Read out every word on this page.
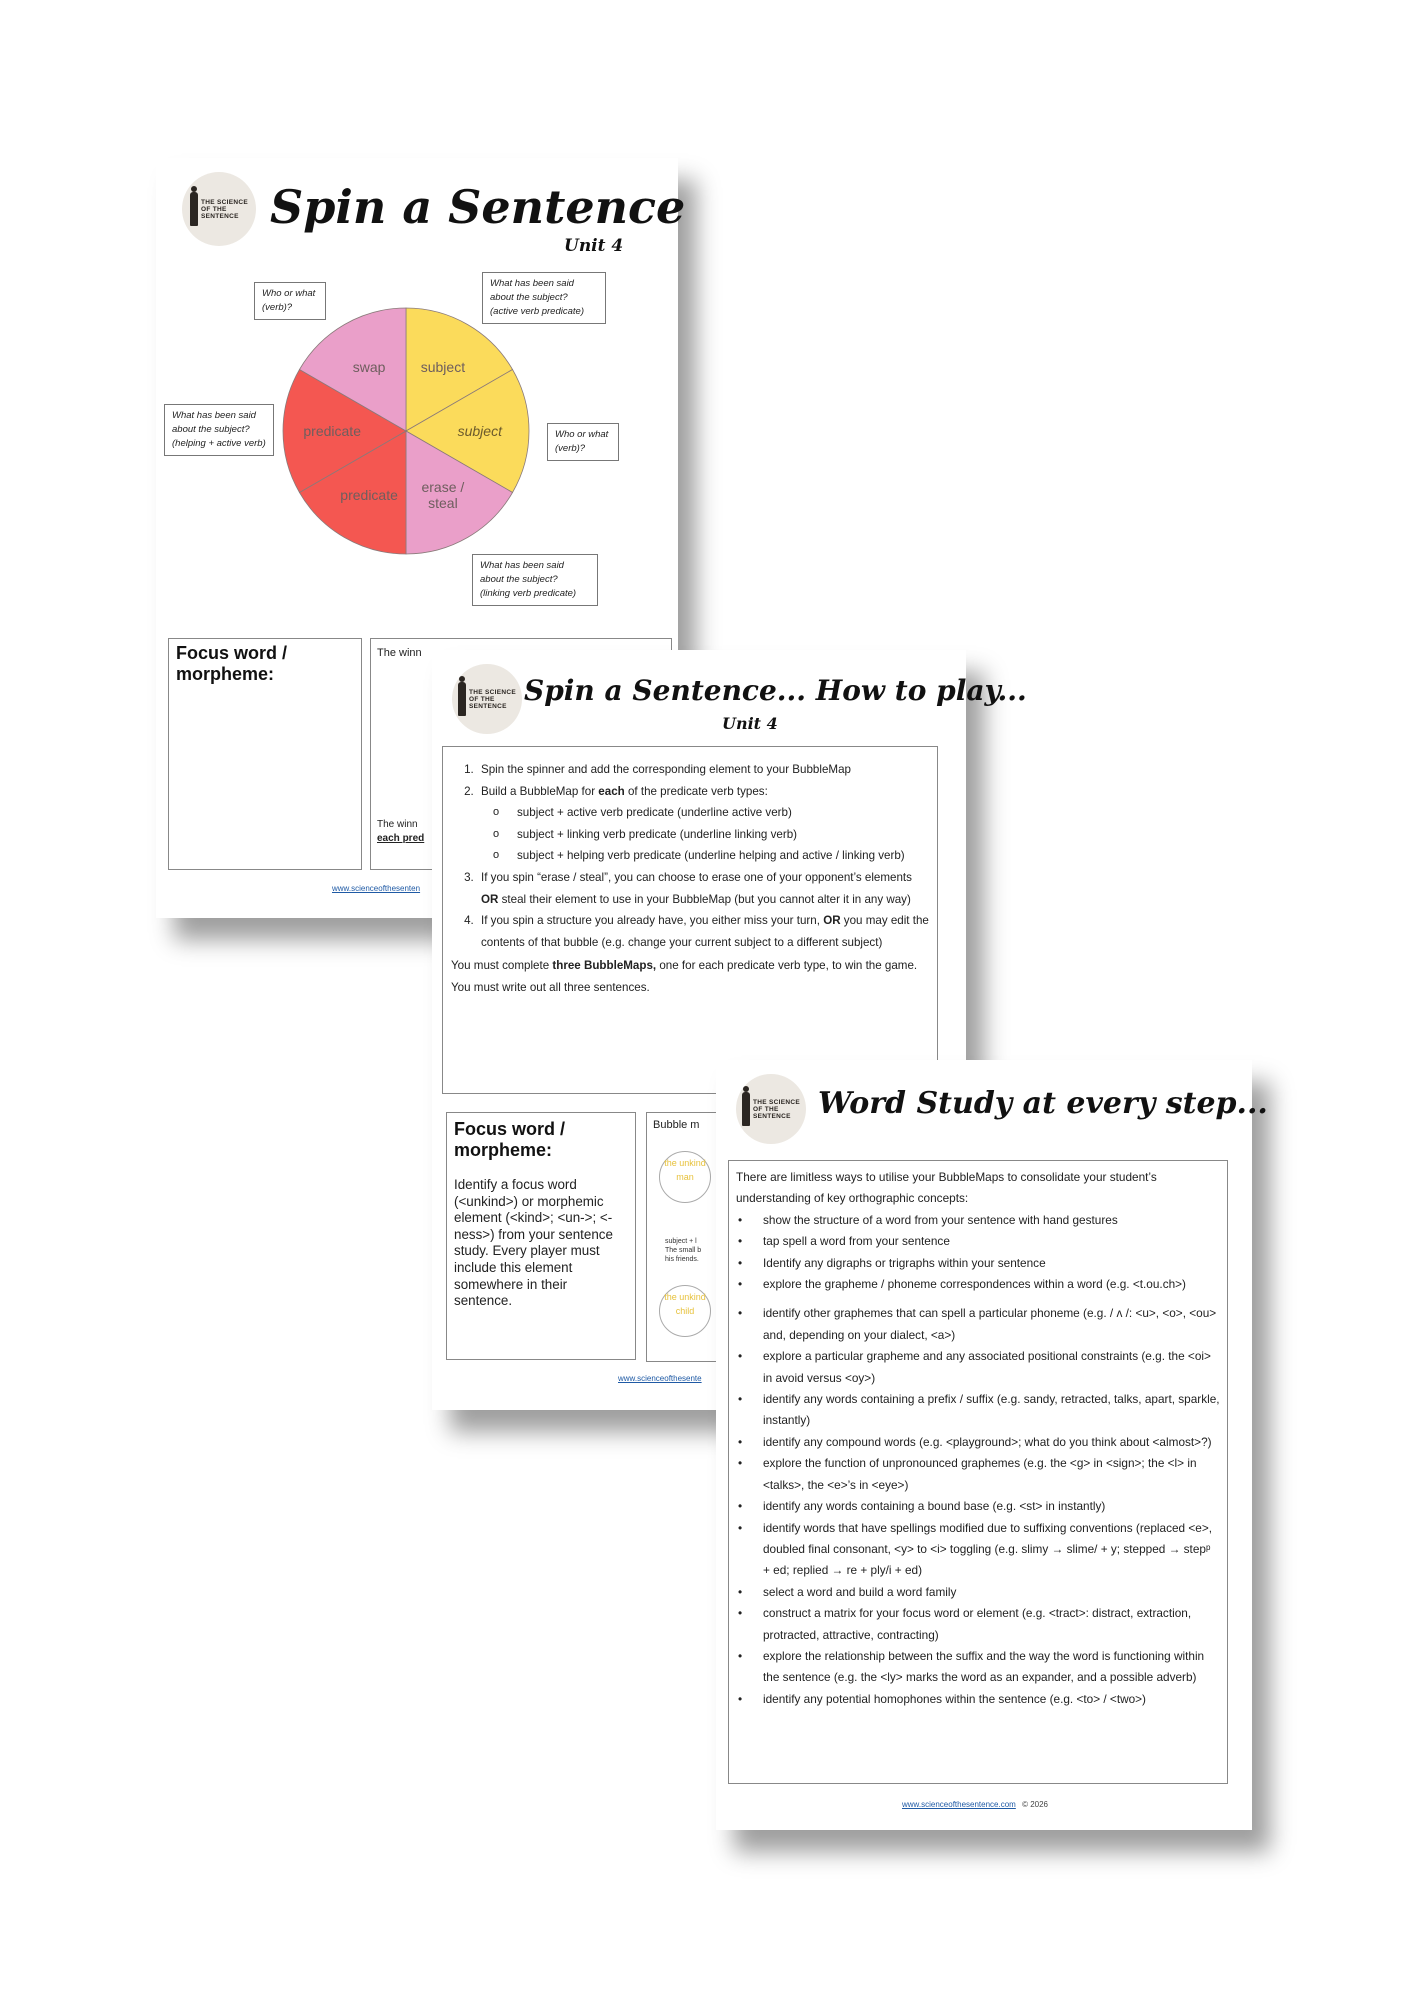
THE SCIENCE
OF THE
SENTENCE Spin a Sentence
Unit 4
Who or what (verb)?
What has been said about the subject? (active verb predicate)
What has been said about the subject? (helping + active verb)
Who or what (verb)?
What has been said about the subject? (linking verb predicate)
subject
subject
erase / steal
predicate
predicate
swap
Focus word / morpheme:
The winn
The winn
each pred
www.scienceofthesenten
THE SCIENCE
OF THE
SENTENCE Spin a Sentence... How to play...
Unit 4
1. Spin the spinner and add the corresponding element to your BubbleMap
2. Build a BubbleMap for each of the predicate verb types:
o subject + active verb predicate (underline active verb)
o subject + linking verb predicate (underline linking verb)
o subject + helping verb predicate (underline helping and active / linking verb)
3. If you spin “erase / steal”, you can choose to erase one of your opponent’s elements OR steal their element to use in your BubbleMap (but you cannot alter it in any way)
4. If you spin a structure you already have, you either miss your turn, OR you may edit the contents of that bubble (e.g. change your current subject to a different subject)
You must complete three BubbleMaps, one for each predicate verb type, to win the game.
You must write out all three sentences.
Focus word / morpheme:
Identify a focus word (<unkind>) or morphemic element (<kind>; <un->; <-ness>) from your sentence study. Every player must include this element somewhere in their sentence.
Bubble m
the unkind man
subject + l The small b his friends.
the unkind child
www.scienceofthesente
THE SCIENCE
OF THE
SENTENCE Word Study at every step...
There are limitless ways to utilise your BubbleMaps to consolidate your student’s understanding of key orthographic concepts:
• show the structure of a word from your sentence with hand gestures
• tap spell a word from your sentence
• Identify any digraphs or trigraphs within your sentence
• explore the grapheme / phoneme correspondences within a word (e.g. <t.ou.ch>)
• identify other graphemes that can spell a particular phoneme (e.g. / ʌ /: <u>, <o>, <ou> and, depending on your dialect, <a>)
• explore a particular grapheme and any associated positional constraints (e.g. the <oi> in avoid versus <oy>)
• identify any words containing a prefix / suffix (e.g. sandy, retracted, talks, apart, sparkle, instantly)
• identify any compound words (e.g. <playground>; what do you think about <almost>?)
• explore the function of unpronounced graphemes (e.g. the <g> in <sign>; the <l> in <talks>, the <e>’s in <eye>)
• identify any words containing a bound base (e.g. <st> in instantly)
• identify words that have spellings modified due to suffixing conventions (replaced <e>, doubled final consonant, <y> to <i> toggling (e.g. slimy → slime/ + y; stepped → stepᵖ + ed; replied → re + ply/i + ed)
• select a word and build a word family
• construct a matrix for your focus word or element (e.g. <tract>: distract, extraction, protracted, attractive, contracting)
• explore the relationship between the suffix and the way the word is functioning within the sentence (e.g. the <ly> marks the word as an expander, and a possible adverb)
• identify any potential homophones within the sentence (e.g. <to> / <two>)
www.scienceofthesentence.com © 2026
